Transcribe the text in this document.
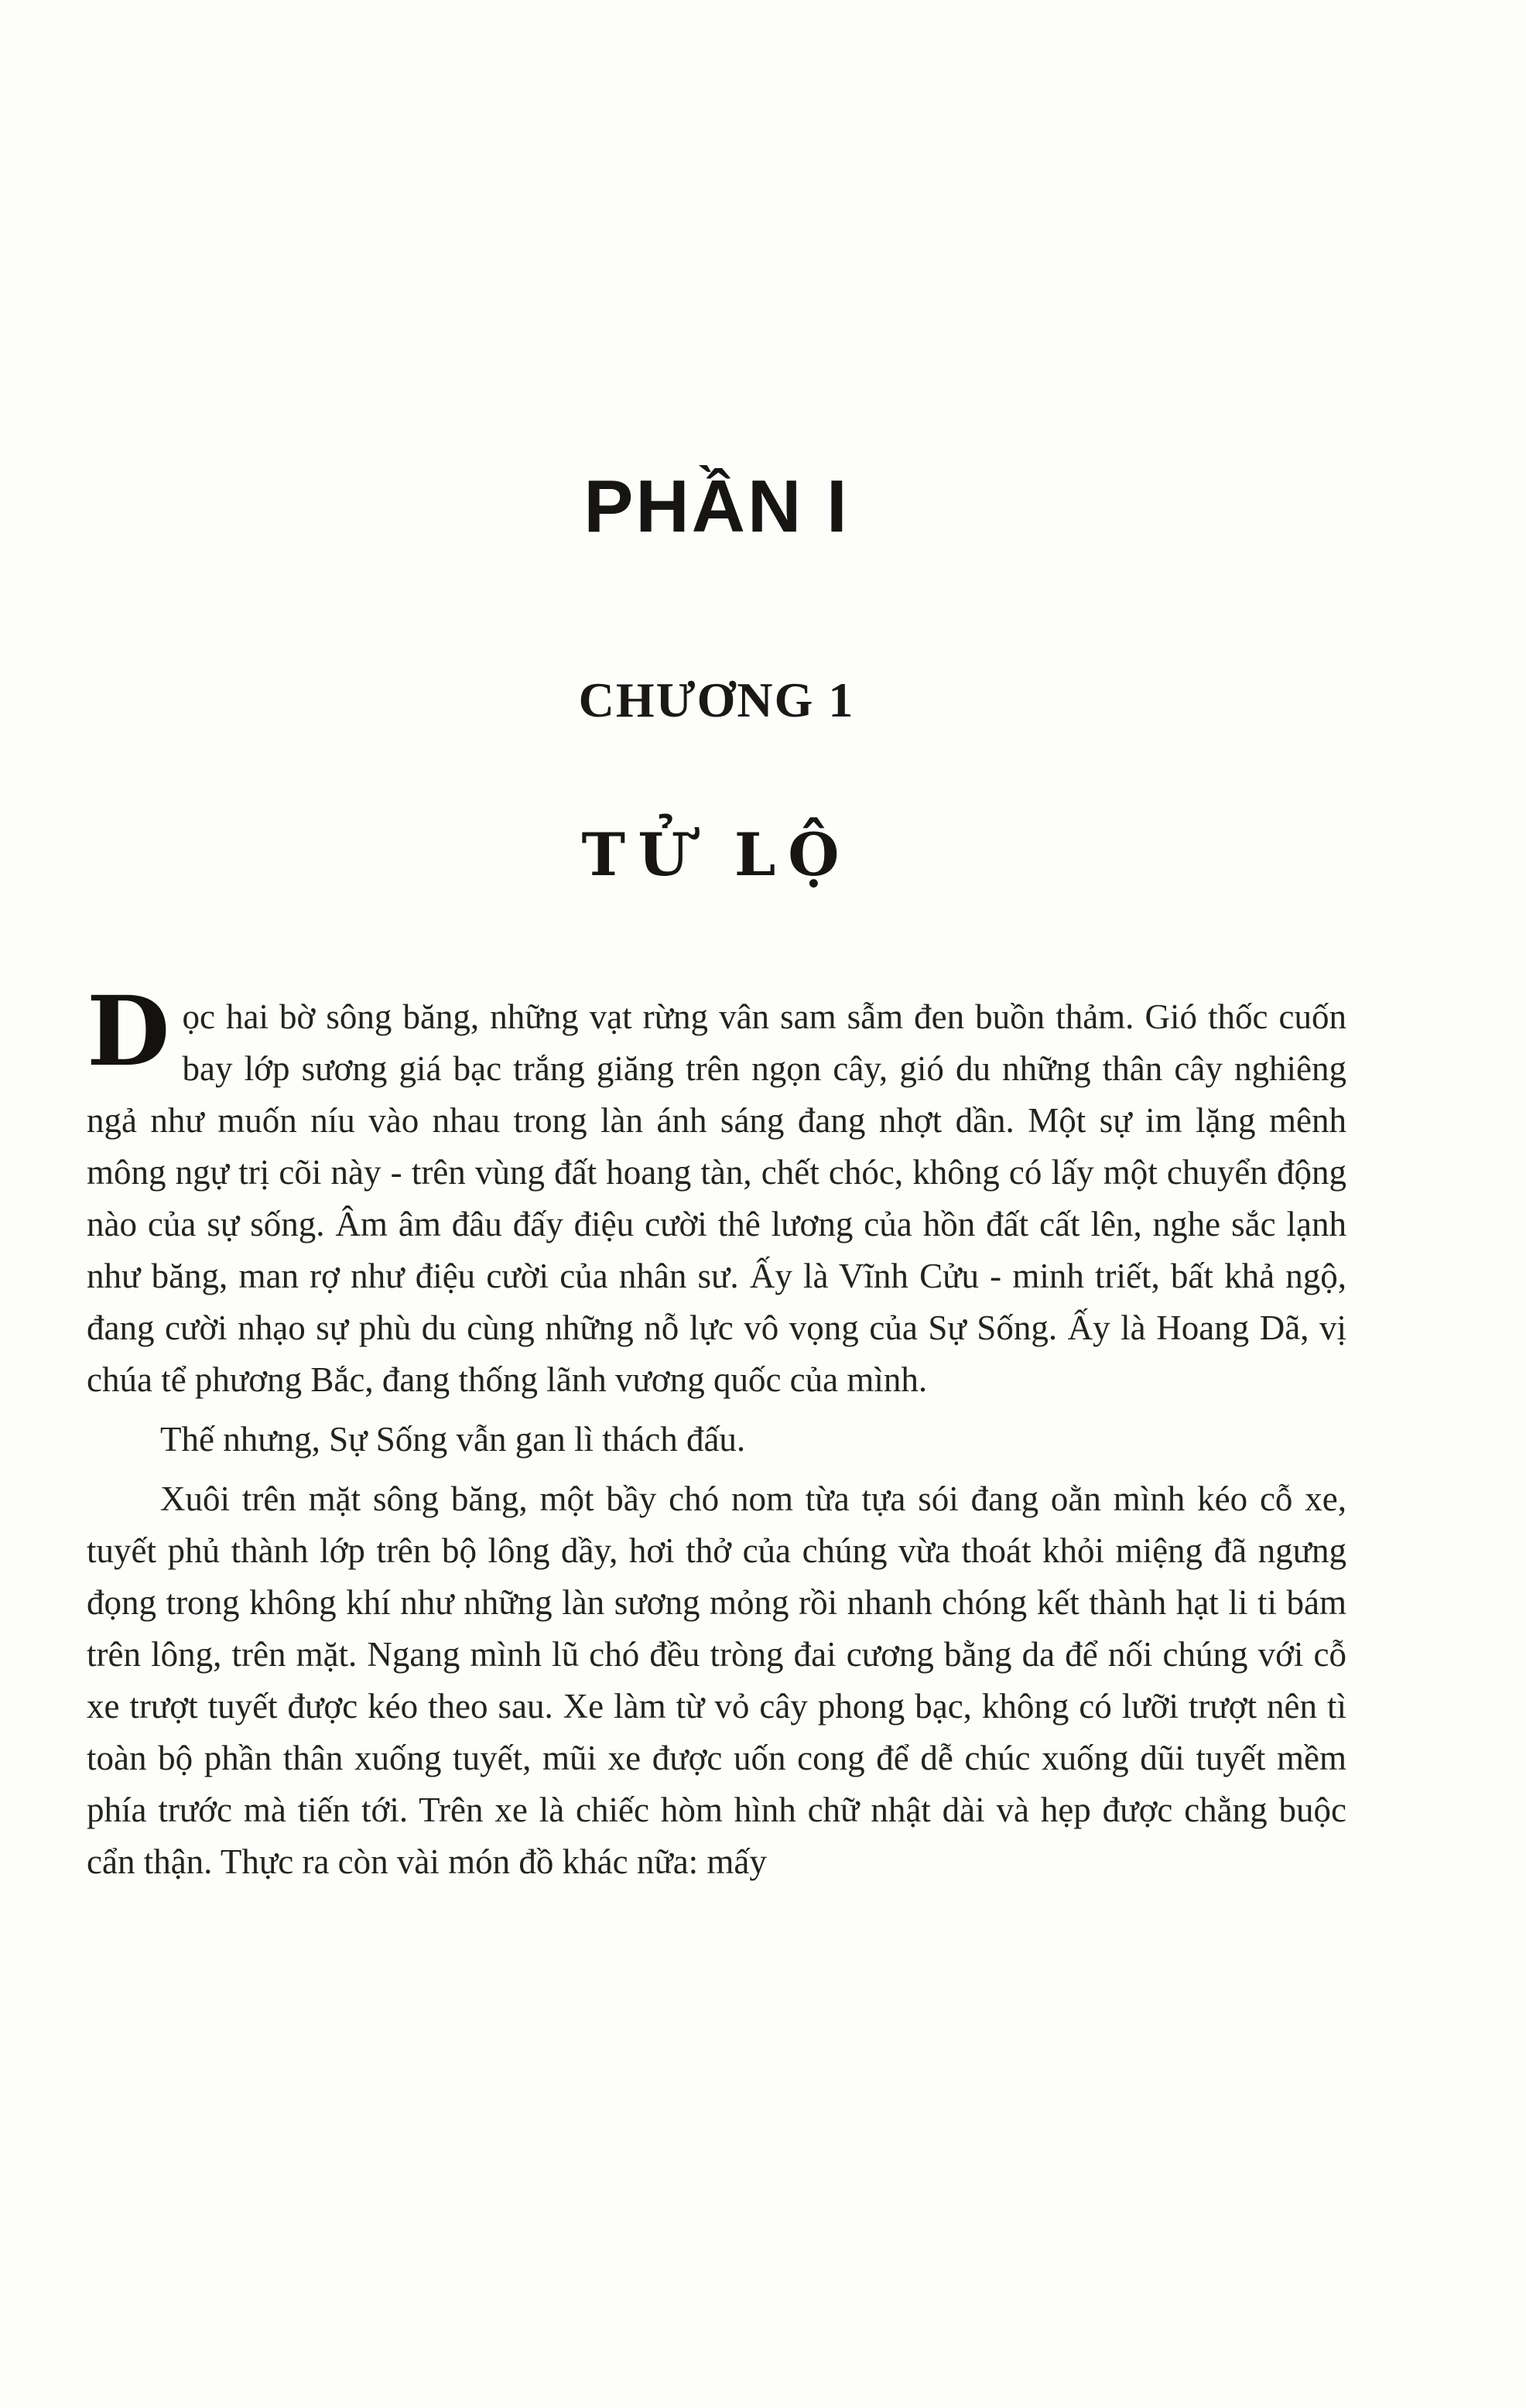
PHẦN I
CHƯƠNG 1
TỬ LỘ

Dọc hai bờ sông băng, những vạt rừng vân sam sẫm đen buồn thảm. Gió thốc cuốn bay lớp sương giá bạc trắng giăng trên ngọn cây, gió du những thân cây nghiêng ngả như muốn níu vào nhau trong làn ánh sáng đang nhợt dần. Một sự im lặng mênh mông ngự trị cõi này - trên vùng đất hoang tàn, chết chóc, không có lấy một chuyển động nào của sự sống. Âm âm đâu đấy điệu cười thê lương của hồn đất cất lên, nghe sắc lạnh như băng, man rợ như điệu cười của nhân sư. Ấy là Vĩnh Cửu - minh triết, bất khả ngộ, đang cười nhạo sự phù du cùng những nỗ lực vô vọng của Sự Sống. Ấy là Hoang Dã, vị chúa tể phương Bắc, đang thống lãnh vương quốc của mình.

Thế nhưng, Sự Sống vẫn gan lì thách đấu.

Xuôi trên mặt sông băng, một bầy chó nom từa tựa sói đang oằn mình kéo cỗ xe, tuyết phủ thành lớp trên bộ lông dầy, hơi thở của chúng vừa thoát khỏi miệng đã ngưng đọng trong không khí như những làn sương mỏng rồi nhanh chóng kết thành hạt li ti bám trên lông, trên mặt. Ngang mình lũ chó đều tròng đai cương bằng da để nối chúng với cỗ xe trượt tuyết được kéo theo sau. Xe làm từ vỏ cây phong bạc, không có lưỡi trượt nên tì toàn bộ phần thân xuống tuyết, mũi xe được uốn cong để dễ chúc xuống dũi tuyết mềm phía trước mà tiến tới. Trên xe là chiếc hòm hình chữ nhật dài và hẹp được chằng buộc cẩn thận. Thực ra còn vài món đồ khác nữa: mấy
